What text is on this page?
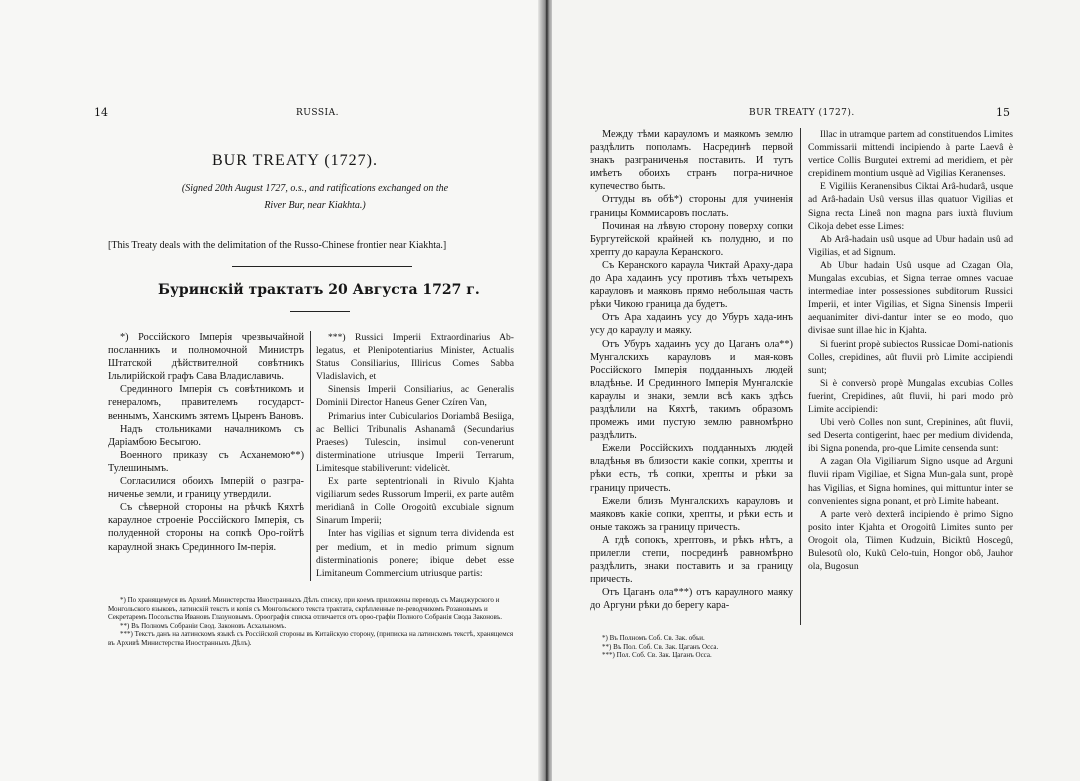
14	RUSSIA.
BUR TREATY (1727).
(Signed 20th August 1727, o.s., and ratifications exchanged on the
River Bur, near Kiakhta.)
[This Treaty deals with the delimitation of the Russo-Chinese frontier near Kiakhta.]
Буринскій трактатъ 20 Августа 1727 г.

*) Россійского Імперія чрезвычайной посланникъ и полномочной Министръ Штатской дѣйствителной совѣтникъ Ільлирійской графъ Сава Владиславичь.

Срединного Імперія съ совѣтникомъ и генераломъ, правителемъ государст-веннымъ, Ханскимъ зятемъ Цыренъ Вановъ.

Надъ стольниками началникомъ съ Даріамбою Бесыгою.

Военного приказу съ Асханемою**) Тулешинымъ.

Согласилися обоихъ Імперій о разгра-ниченье земли, и границу утвердили.

Съ сѣверной стороны на рѣчкѣ Кяхтѣ караулное строеніе Россійского Імперія, съ полуденной стороны на сопкѣ Оро-гойтѣ караулной знакъ Срединного Ім-перія.

***) Russici Imperii Extraordinarius Ab-legatus, et Plenipotentiarius Minister, Actualis Status Consiliarius, Illiricus Comes Sabba Vladislavich, et

Sinensis Imperii Consiliarius, ac Generalis Dominii Director Haneus Gener Czíren Van,

Primarius inter Cubicularios Doriambâ Besiiga, ac Bellici Tribunalis Ashanamâ (Secundarius Praeses) Tulescin, insimul con-venerunt disterminatione utriusque Imperii Terrarum, Limitesque stabiliverunt: videlicèt.

Ex parte septentrionali in Rivulo Kjahta vigiliarum sedes Russorum Imperii, ex parte autêm meridianâ in Colle Orogoitû excubiale signum Sinarum Imperii;

Inter has vigilias et signum terra dividenda est per medium, et in medio primum signum disterminationis ponere; ibique debet esse Limitaneum Commercium utriusque partis:

*) По хранящемуся въ Архивѣ Министерства Иностранныхъ Дѣлъ списку, при коемъ приложены переводъ съ Манджурского и Монгольского языковъ, латинскій текстъ и копія съ Монгольского текста трактата, скрѣпленные пе-реводчикомъ Розановымъ и Секретаремъ Посольства Ивановъ Глазуновымъ. Орѳографія списка отличается отъ орѳо-графіи Полного Собранія Свода Законовъ.

**) Въ Полномъ Собраніи Свод. Законовъ Асхалыномъ.

***) Текстъ данъ на латинскомъ языкѣ съ Россійской стороны въ Китайскую сторону, (приписка на латинскомъ текстѣ, хранящемся въ Архивѣ Министерства Иностранныхъ Дѣлъ).

BUR TREATY (1727).	15

Между тѣми карауломъ и маякомъ землю раздѣлить пополамъ. Насрединѣ первой знакъ разграниченья поставить. И тутъ имѣетъ обоихъ странъ погра-ничное купечество быть.

Оттуды въ обѣ*) стороны для учиненія границы Коммисаровъ послать.

Починая на лѣвую сторону поверху сопки Бургутейской крайней къ полудню, и по хрепту до караула Керанского.

Съ Керанского караула Чиктай Араху-дара до Ара хадаинъ усу противъ тѣхъ четырехъ карауловъ и маяковъ прямо небольшая часть рѣки Чикою граница да будетъ.

Отъ Ара хадаинъ усу до Убуръ хада-инъ усу до караулу и маяку.

Отъ Убуръ хадаинъ усу до Цаганъ ола**) Мунгалскихъ карауловъ и мая-ковъ Россійского Імперія подданныхъ людей владѣнье. И Срединного Імперія Мунгалскіе караулы и знаки, земли всѣ какъ здѣсь раздѣлили на Кяхтѣ, такимъ образомъ промежъ ими пустую землю равномѣрно раздѣлить.

Ежели Россійскихъ подданныхъ людей владѣнья въ близости какіе сопки, хрепты и рѣки есть, тѣ сопки, хрепты и рѣки за границу причесть.

Ежели близъ Мунгалскихъ карауловъ и маяковъ какіе сопки, хрепты, и рѣки есть и оные такожъ за границу причесть.

А гдѣ сопокъ, хрептовъ, и рѣкъ нѣтъ, а прилегли степи, посрединѣ равномѣрно раздѣлить, знаки поставить и за границу причесть.

Отъ Цаганъ ола***) отъ караулного маяку до Аргуни рѣки до берегу кара-

Illac in utramque partem ad constituendos Limites Commissarii mittendi incipiendo à parte Laevâ è vertice Collis Burgutei extremi ad meridiem, et pèr crepidinem montium usquè ad Vigilias Keranenses.

E Vigiliis Keranensibus Ciktai Arâ-hudarâ, usque ad Arâ-hadain Usû versus illas quatuor Vigilias et Signa recta Lineâ non magna pars iuxtà fluvium Cikoja debet esse Limes:

Ab Arâ-hadain usû usque ad Ubur hadain usû ad Vigilias, et ad Signum.

Ab Ubur hadain Usû usque ad Czagan Ola, Mungalas excubias, et Signa terrae omnes vacuae intermediae inter possessiones subditorum Russici Imperii, et inter Vigilias, et Signa Sinensis Imperii aequanimiter divi-dantur inter se eo modo, quo divisae sunt illae hic in Kjahta.

Si fuerint propè subiectos Russicae Domi-nationis Colles, crepidines, aût fluvii prò Limite accipiendi sunt;

Si è conversò propè Mungalas excubias Colles fuerint, Crepidines, aût fluvii, hi pari modo prò Limite accipiendi:

Ubi verò Colles non sunt, Crepinines, aût fluvii, sed Deserta contigerint, haec per medium dividenda, ibi Signa ponenda, pro-que Limite censenda sunt:

A zagan Ola Vigiliarum Signo usque ad Arguni fluvii ripam Vigiliae, et Signa Mun-gala sunt, propè has Vigilias, et Signa homines, qui mittuntur inter se convenientes signa ponant, et prò Limite habeant.

A parte verò dexterâ incipiendo è primo Signo posito inter Kjahta et Orogoitû Limites sunto per Orogoit ola, Tiimen Kudzuin, Biciktû Hoscegû, Bulesotû olo, Kukû Celo-tuin, Hongor obô, Jauhor ola, Bugosun

*) Въ Полномъ Соб. Св. Зак. объи.

**) Въ Пол. Соб. Св. Зак. Цаганъ Осса.

***) Пол. Соб. Св. Зак. Цаганъ Осса.
